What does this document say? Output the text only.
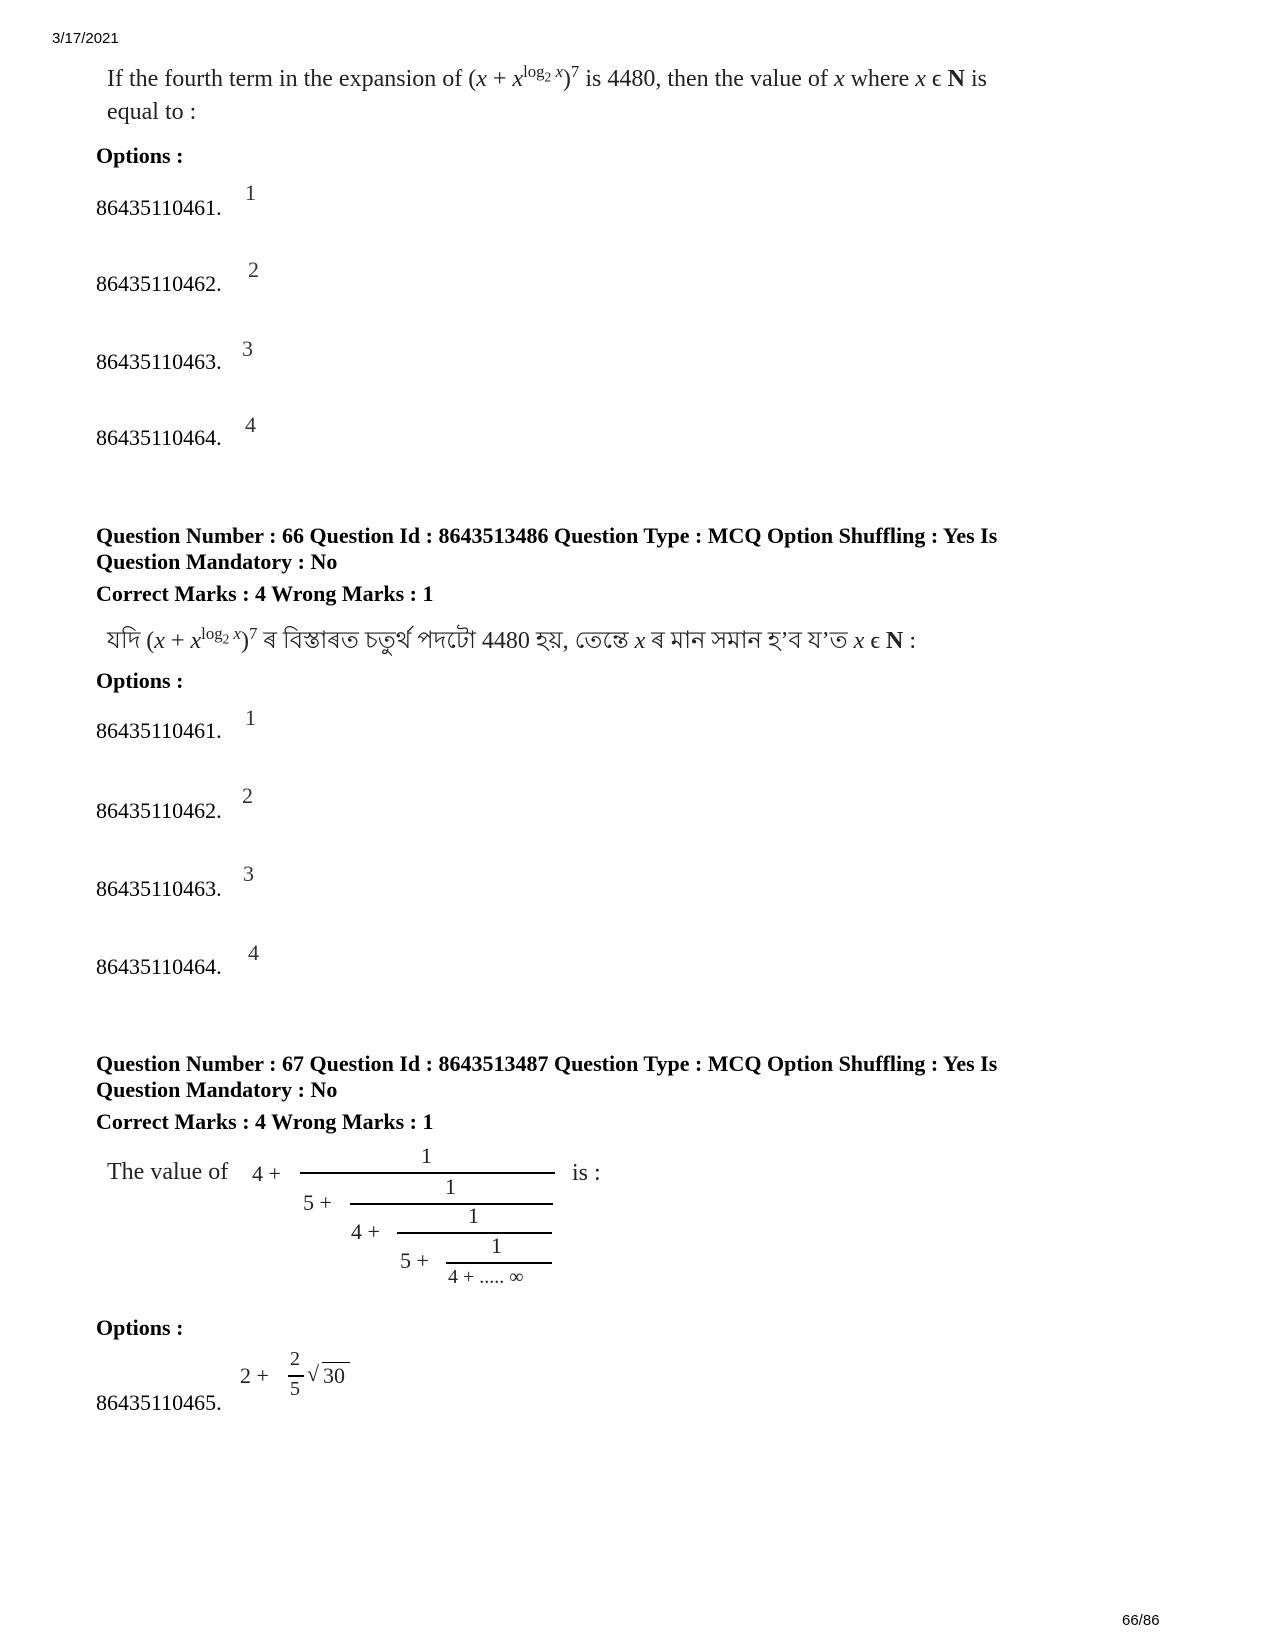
3/17/2021
If the fourth term in the expansion of $(x + x^{log_2 x})^7$ is 4480, then the value of x where x ϵ N is
equal to :
Options :
86435110461.
1
86435110462.
2
86435110463.
3
86435110464.
4
Question Number : 66 Question Id : 8643513486 Question Type : MCQ Option Shuffling : Yes Is
Question Mandatory : No
Correct Marks : 4 Wrong Marks : 1
যদি $(x + x^{log_2 x})^7$ ৰ বিস্তাৰত চতুৰ্থ পদটো 4480 হয়, তেন্তে x ৰ মান সমান হ’ব য’ত x ϵ N :
Options :
86435110461.
1
86435110462.
2
86435110463.
3
86435110464.
4
Question Number : 67 Question Id : 8643513487 Question Type : MCQ Option Shuffling : Yes Is
Question Mandatory : No
Correct Marks : 4 Wrong Marks : 1
The value of 4 +
1
5 +
1
4 +
1
5 +
1
4 + ..... ∞
is :
Options :
86435110465.
2 +
2
5
√ 30
66/86
